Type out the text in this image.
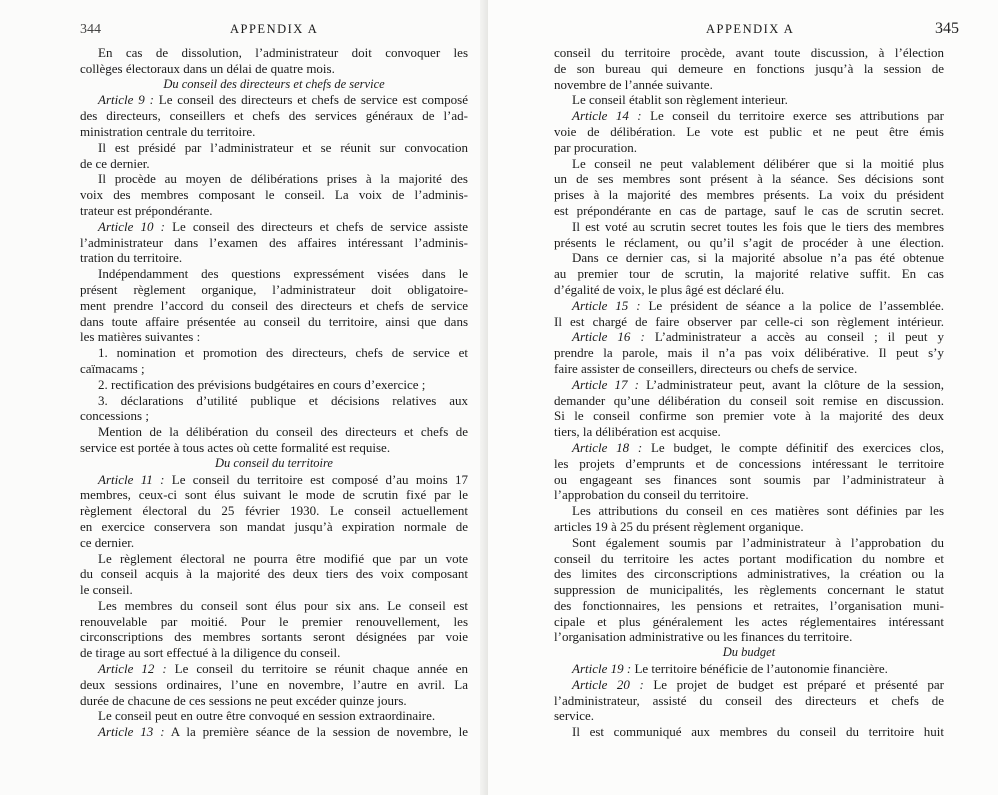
344	APPENDIX A
En cas de dissolution, l’administrateur doit convoquer les
collèges électoraux dans un délai de quatre mois.
Du conseil des directeurs et chefs de service
Article 9 : Le conseil des directeurs et chefs de service est composé
des directeurs, conseillers et chefs des services généraux de l’ad-
ministration centrale du territoire.
Il est présidé par l’administrateur et se réunit sur convocation
de ce dernier.
Il procède au moyen de délibérations prises à la majorité des
voix des membres composant le conseil. La voix de l’adminis-
trateur est prépondérante.
Article 10 : Le conseil des directeurs et chefs de service assiste
l’administrateur dans l’examen des affaires intéressant l’adminis-
tration du territoire.
Indépendamment des questions expressément visées dans le
présent règlement organique, l’administrateur doit obligatoire-
ment prendre l’accord du conseil des directeurs et chefs de service
dans toute affaire présentée au conseil du territoire, ainsi que dans
les matières suivantes :
1. nomination et promotion des directeurs, chefs de service et
caïmacams ;
2. rectification des prévisions budgétaires en cours d’exercice ;
3. déclarations d’utilité publique et décisions relatives aux
concessions ;
Mention de la délibération du conseil des directeurs et chefs de
service est portée à tous actes où cette formalité est requise.
Du conseil du territoire
Article 11 : Le conseil du territoire est composé d’au moins 17
membres, ceux-ci sont élus suivant le mode de scrutin fixé par le
règlement électoral du 25 février 1930. Le conseil actuellement
en exercice conservera son mandat jusqu’à expiration normale de
ce dernier.
Le règlement électoral ne pourra être modifié que par un vote
du conseil acquis à la majorité des deux tiers des voix composant
le conseil.
Les membres du conseil sont élus pour six ans. Le conseil est
renouvelable par moitié. Pour le premier renouvellement, les
circonscriptions des membres sortants seront désignées par voie
de tirage au sort effectué à la diligence du conseil.
Article 12 : Le conseil du territoire se réunit chaque année en
deux sessions ordinaires, l’une en novembre, l’autre en avril. La
durée de chacune de ces sessions ne peut excéder quinze jours.
Le conseil peut en outre être convoqué en session extraordinaire.
Article 13 : A la première séance de la session de novembre, le
APPENDIX A	345
conseil du territoire procède, avant toute discussion, à l’élection
de son bureau qui demeure en fonctions jusqu’à la session de
novembre de l’année suivante.
Le conseil établit son règlement interieur.
Article 14 : Le conseil du territoire exerce ses attributions par
voie de délibération. Le vote est public et ne peut être émis
par procuration.
Le conseil ne peut valablement délibérer que si la moitié plus
un de ses membres sont présent à la séance. Ses décisions sont
prises à la majorité des membres présents. La voix du président
est prépondérante en cas de partage, sauf le cas de scrutin secret.
Il est voté au scrutin secret toutes les fois que le tiers des membres
présents le réclament, ou qu’il s’agit de procéder à une élection.
Dans ce dernier cas, si la majorité absolue n’a pas été obtenue
au premier tour de scrutin, la majorité relative suffit. En cas
d’égalité de voix, le plus âgé est déclaré élu.
Article 15 : Le président de séance a la police de l’assemblée.
Il est chargé de faire observer par celle-ci son règlement intérieur.
Article 16 : L’administrateur a accès au conseil ; il peut y
prendre la parole, mais il n’a pas voix délibérative. Il peut s’y
faire assister de conseillers, directeurs ou chefs de service.
Article 17 : L’administrateur peut, avant la clôture de la session,
demander qu’une délibération du conseil soit remise en discussion.
Si le conseil confirme son premier vote à la majorité des deux
tiers, la délibération est acquise.
Article 18 : Le budget, le compte définitif des exercices clos,
les projets d’emprunts et de concessions intéressant le territoire
ou engageant ses finances sont soumis par l’administrateur à
l’approbation du conseil du territoire.
Les attributions du conseil en ces matières sont définies par les
articles 19 à 25 du présent règlement organique.
Sont également soumis par l’administrateur à l’approbation du
conseil du territoire les actes portant modification du nombre et
des limites des circonscriptions administratives, la création ou la
suppression de municipalités, les règlements concernant le statut
des fonctionnaires, les pensions et retraites, l’organisation muni-
cipale et plus généralement les actes réglementaires intéressant
l’organisation administrative ou les finances du territoire.
Du budget
Article 19 : Le territoire bénéficie de l’autonomie financière.
Article 20 : Le projet de budget est préparé et présenté par
l’administrateur, assisté du conseil des directeurs et chefs de
service.
Il est communiqué aux membres du conseil du territoire huit
